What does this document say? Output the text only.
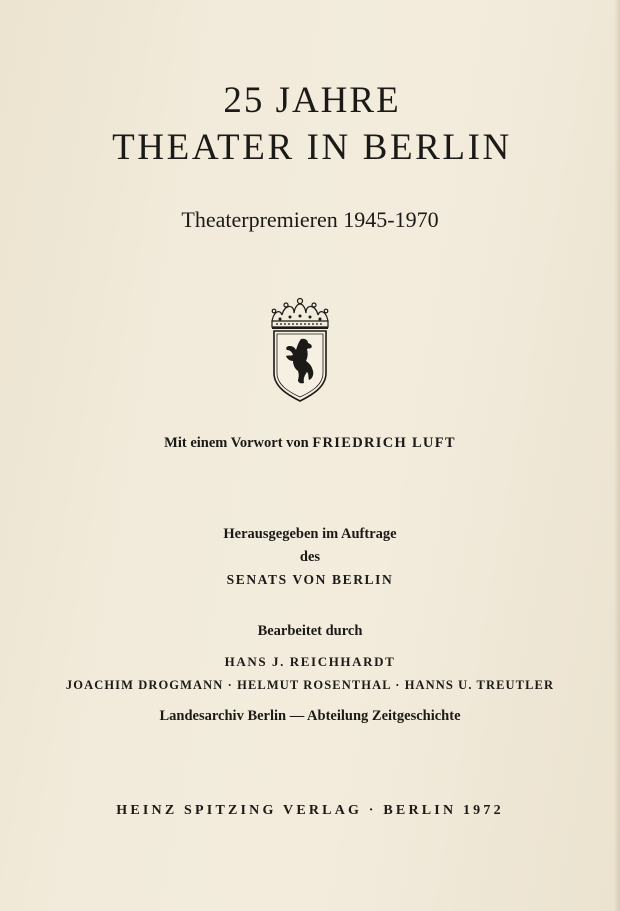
25 JAHRE
THEATER IN BERLIN
Theaterpremieren 1945-1970
Mit einem Vorwort von FRIEDRICH LUFT
Herausgegeben im Auftrage
des
SENATS VON BERLIN
Bearbeitet durch
HANS J. REICHHARDT
JOACHIM DROGMANN · HELMUT ROSENTHAL · HANNS U. TREUTLER
Landesarchiv Berlin — Abteilung Zeitgeschichte
HEINZ SPITZING VERLAG · BERLIN 1972
